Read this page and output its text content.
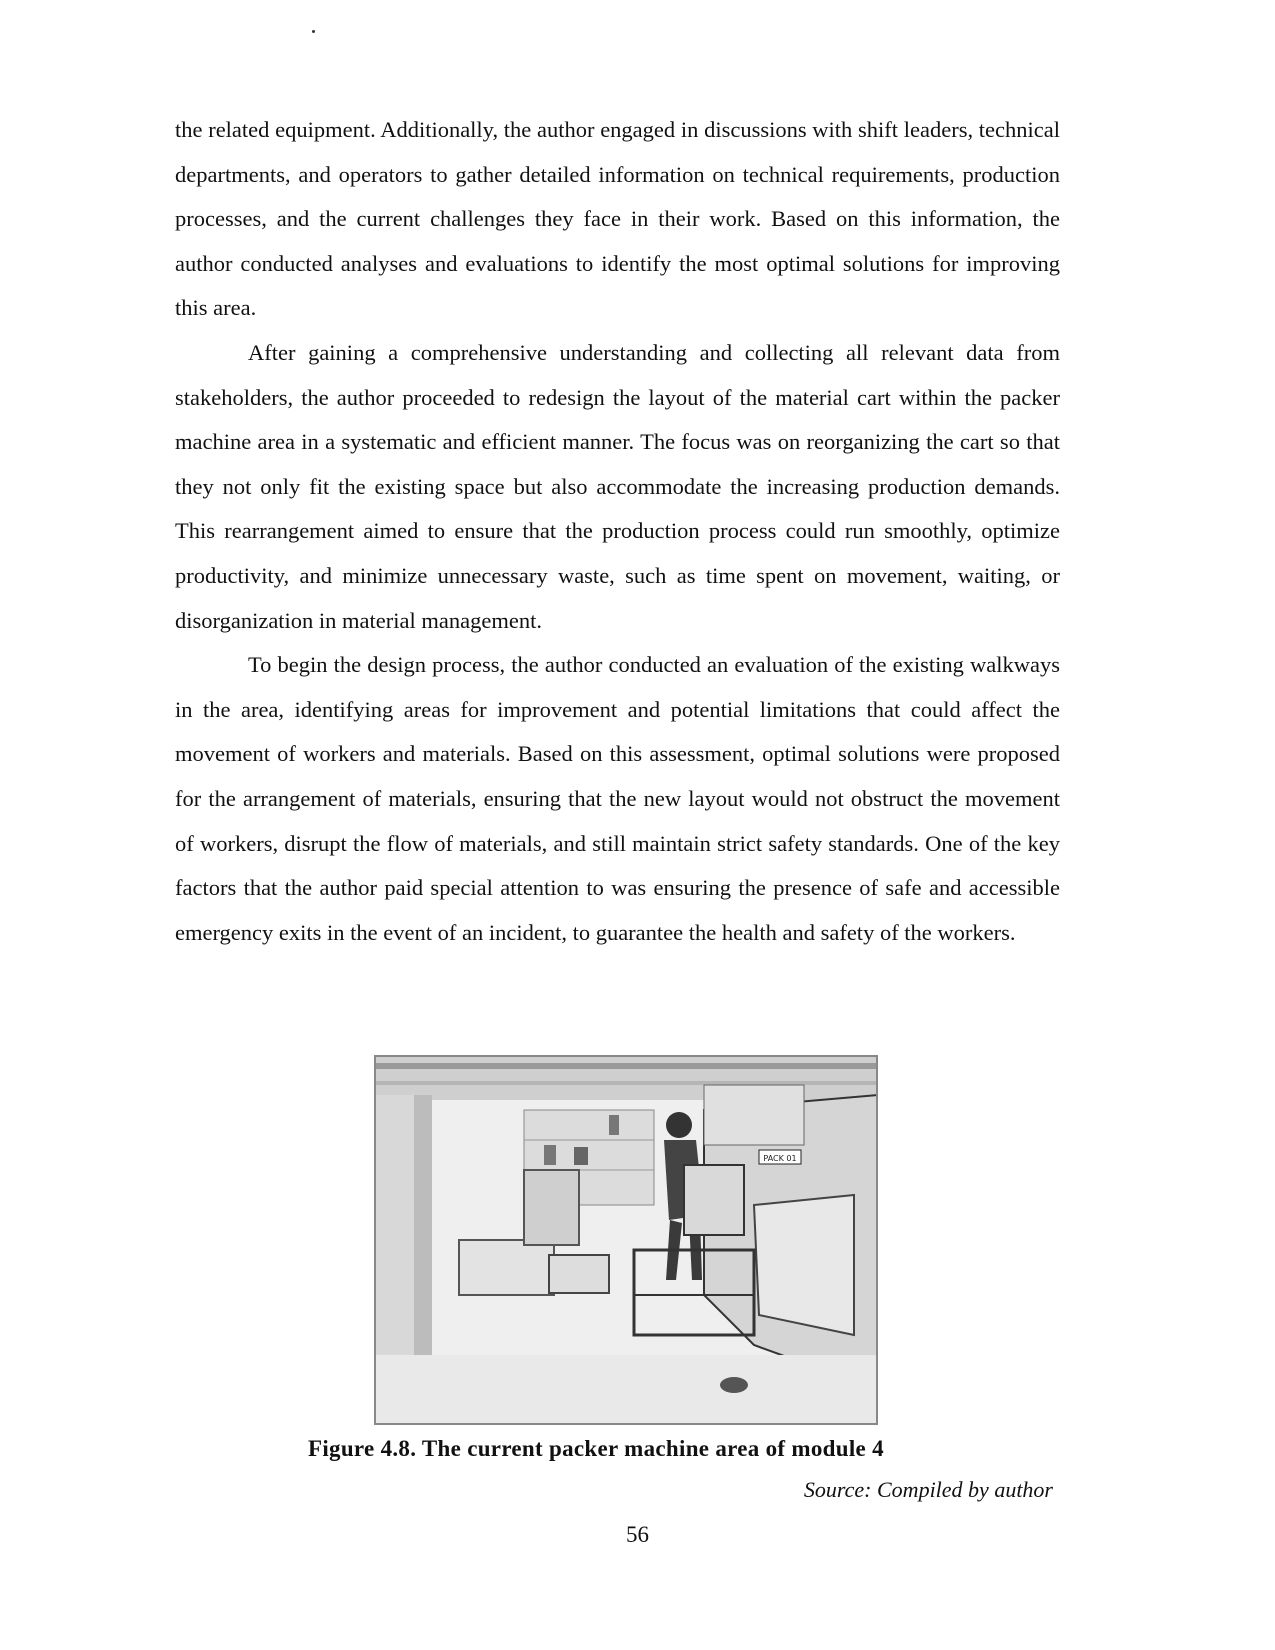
the related equipment. Additionally, the author engaged in discussions with shift leaders, technical departments, and operators to gather detailed information on technical requirements, production processes, and the current challenges they face in their work. Based on this information, the author conducted analyses and evaluations to identify the most optimal solutions for improving this area.

After gaining a comprehensive understanding and collecting all relevant data from stakeholders, the author proceeded to redesign the layout of the material cart within the packer machine area in a systematic and efficient manner. The focus was on reorganizing the cart so that they not only fit the existing space but also accommodate the increasing production demands. This rearrangement aimed to ensure that the production process could run smoothly, optimize productivity, and minimize unnecessary waste, such as time spent on movement, waiting, or disorganization in material management.

To begin the design process, the author conducted an evaluation of the existing walkways in the area, identifying areas for improvement and potential limitations that could affect the movement of workers and materials. Based on this assessment, optimal solutions were proposed for the arrangement of materials, ensuring that the new layout would not obstruct the movement of workers, disrupt the flow of materials, and still maintain strict safety standards. One of the key factors that the author paid special attention to was ensuring the presence of safe and accessible emergency exits in the event of an incident, to guarantee the health and safety of the workers.

PACK 01
Figure 4.8. The current packer machine area of module 4
Source: Compiled by author
56
